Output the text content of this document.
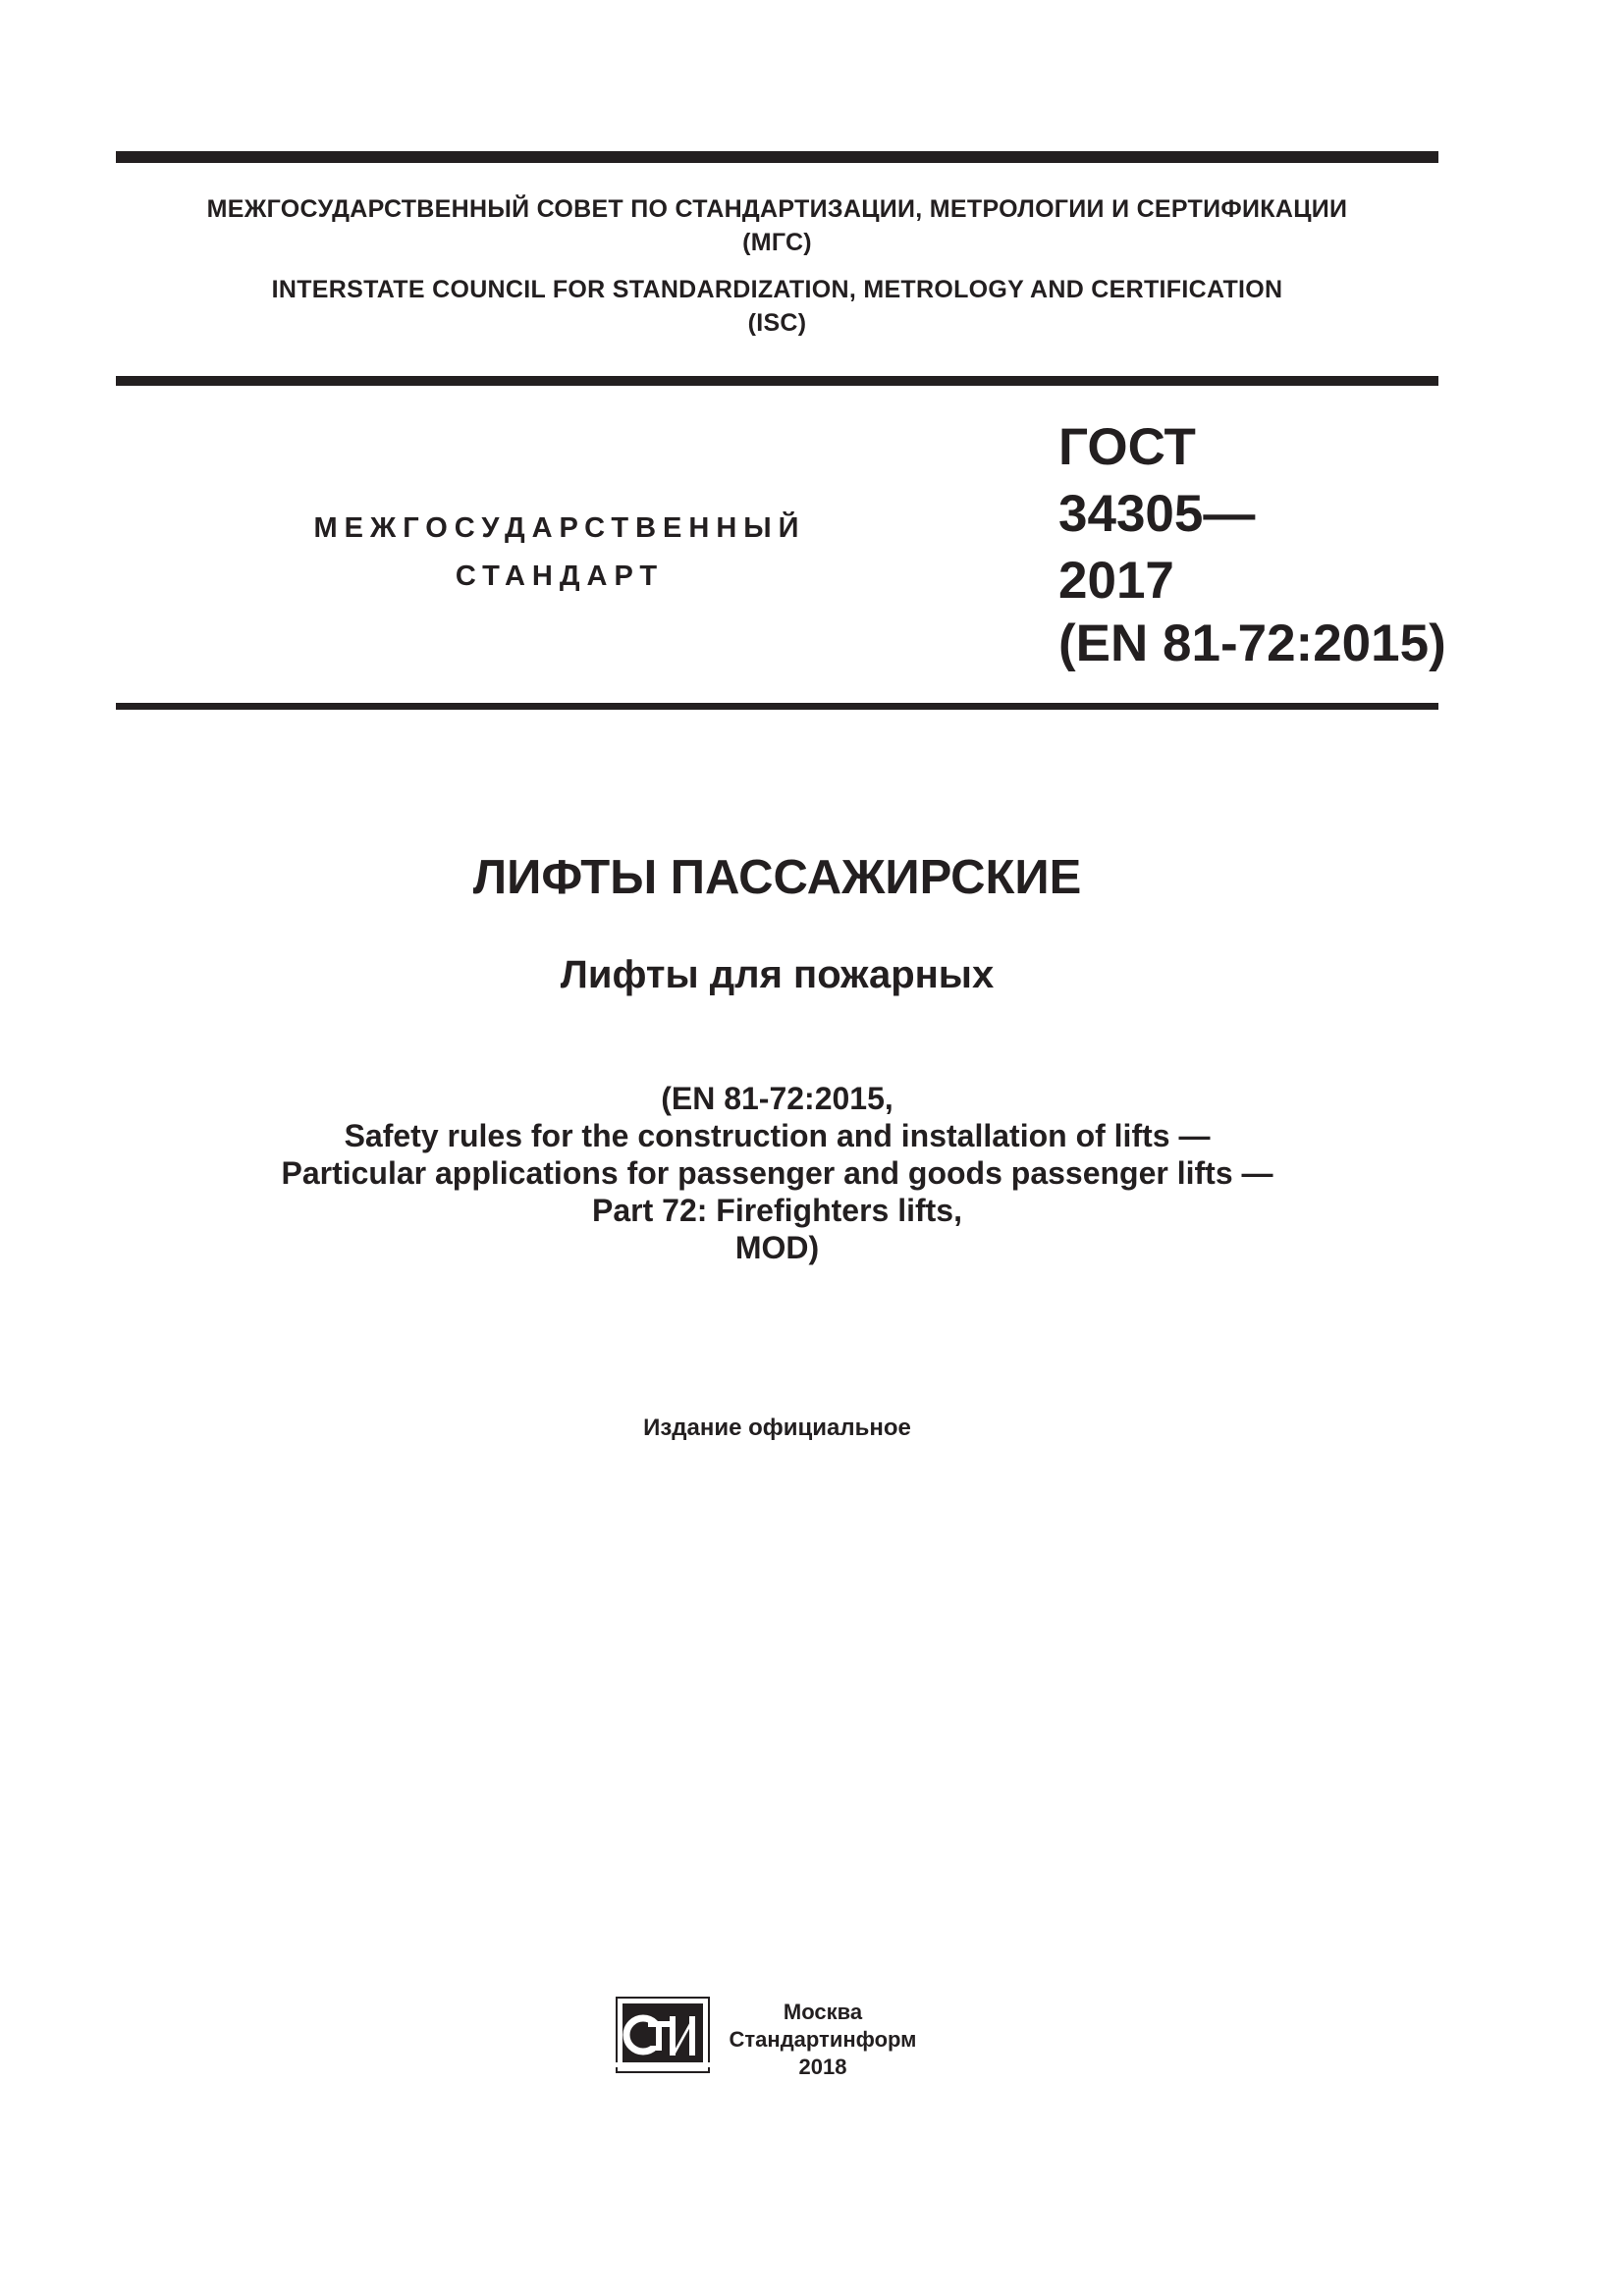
МЕЖГОСУДАРСТВЕННЫЙ СОВЕТ ПО СТАНДАРТИЗАЦИИ, МЕТРОЛОГИИ И СЕРТИФИКАЦИИ
(МГС)
INTERSTATE COUNCIL FOR STANDARDIZATION, METROLOGY AND CERTIFICATION
(ISC)
МЕЖГОСУДАРСТВЕННЫЙ
СТАНДАРТ
ГОСТ
34305—
2017
(EN 81-72:2015)
ЛИФТЫ ПАССАЖИРСКИЕ
Лифты для пожарных
(EN 81-72:2015,
Safety rules for the construction and installation of lifts —
Particular applications for passenger and goods passenger lifts —
Part 72: Firefighters lifts,
MOD)
Издание официальное
Москва
Стандартинформ
2018
